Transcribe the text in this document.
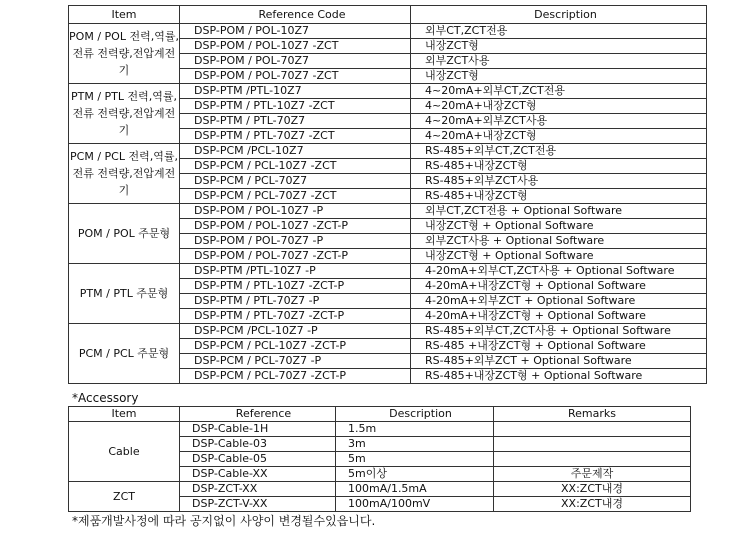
Item	Reference Code	Description
POM / POL 전력,역률,전류 전력량,전압계전기	DSP-POM / POL-10Z7	외부CT,ZCT전용
	DSP-POM / POL-10Z7 -ZCT	내장ZCT형
	DSP-POM / POL-70Z7	외부ZCT사용
	DSP-POM / POL-70Z7 -ZCT	내장ZCT형
PTM / PTL 전력,역률,전류 전력량,전압계전기	DSP-PTM /PTL-10Z7	4~20mA+외부CT,ZCT전용
	DSP-PTM / PTL-10Z7 -ZCT	4~20mA+내장ZCT형
	DSP-PTM / PTL-70Z7	4~20mA+외부ZCT사용
	DSP-PTM / PTL-70Z7 -ZCT	4~20mA+내장ZCT형
PCM / PCL 전력,역률,전류 전력량,전압계전기	DSP-PCM /PCL-10Z7	RS-485+외부CT,ZCT전용
	DSP-PCM / PCL-10Z7 -ZCT	RS-485+내장ZCT형
	DSP-PCM / PCL-70Z7	RS-485+외부ZCT사용
	DSP-PCM / PCL-70Z7 -ZCT	RS-485+내장ZCT형
POM / POL 주문형	DSP-POM / POL-10Z7 -P	외부CT,ZCT전용 + Optional Software
	DSP-POM / POL-10Z7 -ZCT-P	내장ZCT형 + Optional Software
	DSP-POM / POL-70Z7 -P	외부ZCT사용 + Optional Software
	DSP-POM / POL-70Z7 -ZCT-P	내장ZCT형 + Optional Software
PTM / PTL 주문형	DSP-PTM /PTL-10Z7 -P	4-20mA+외부CT,ZCT사용 + Optional Software
	DSP-PTM / PTL-10Z7 -ZCT-P	4-20mA+내장ZCT형 + Optional Software
	DSP-PTM / PTL-70Z7 -P	4-20mA+외부ZCT + Optional Software
	DSP-PTM / PTL-70Z7 -ZCT-P	4-20mA+내장ZCT형 + Optional Software
PCM / PCL 주문형	DSP-PCM /PCL-10Z7 -P	RS-485+외부CT,ZCT사용 + Optional Software
	DSP-PCM / PCL-10Z7 -ZCT-P	RS-485 +내장ZCT형 + Optional Software
	DSP-PCM / PCL-70Z7 -P	RS-485+외부ZCT + Optional Software
	DSP-PCM / PCL-70Z7 -ZCT-P	RS-485+내장ZCT형 + Optional Software
*Accessory
Item	Reference	Description	Remarks
Cable	DSP-Cable-1H	1.5m	
	DSP-Cable-03	3m	
	DSP-Cable-05	5m	
	DSP-Cable-XX	5m이상	주문제작
ZCT	DSP-ZCT-XX	100mA/1.5mA	XX:ZCT내경
	DSP-ZCT-V-XX	100mA/100mV	XX:ZCT내경
*제품개발사정에 따라 공지없이 사양이 변경될수있읍니다.
